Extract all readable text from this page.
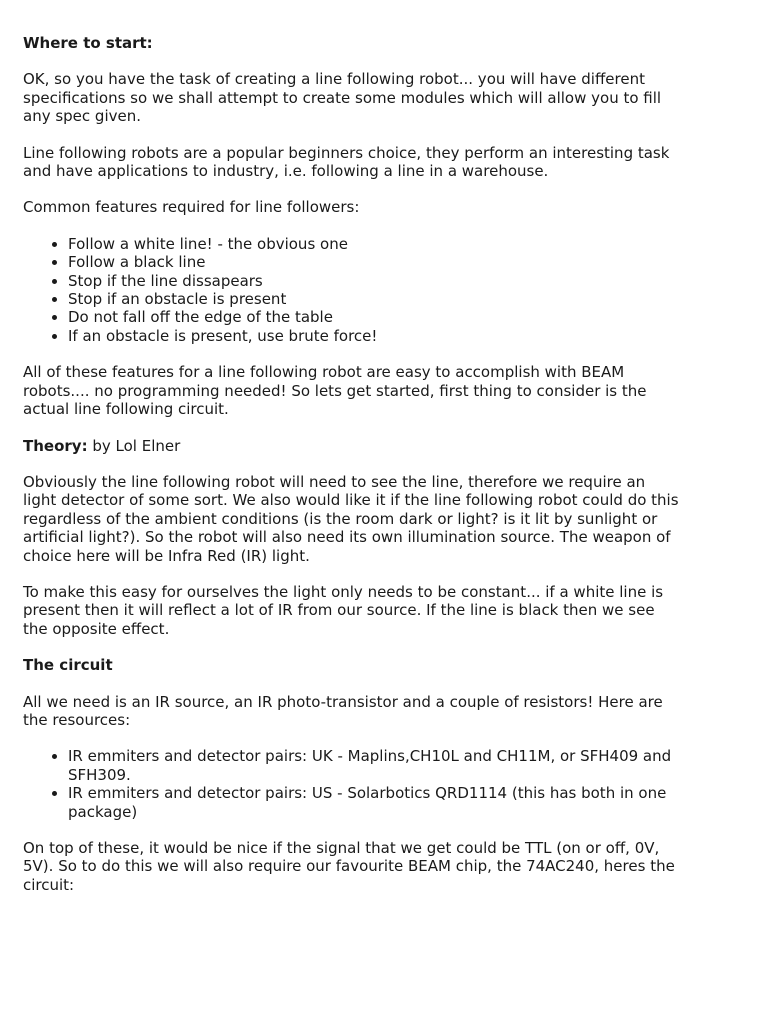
Where to start:

OK, so you have the task of creating a line following robot... you will have different specifications so we shall attempt to create some modules which will allow you to fill any spec given.

Line following robots are a popular beginners choice, they perform an interesting task and have applications to industry, i.e. following a line in a warehouse.

Common features required for line followers:

• Follow a white line! - the obvious one
• Follow a black line
• Stop if the line dissapears
• Stop if an obstacle is present
• Do not fall off the edge of the table
• If an obstacle is present, use brute force!

All of these features for a line following robot are easy to accomplish with BEAM robots.... no programming needed! So lets get started, first thing to consider is the actual line following circuit.

Theory: by Lol Elner

Obviously the line following robot will need to see the line, therefore we require an light detector of some sort. We also would like it if the line following robot could do this regardless of the ambient conditions (is the room dark or light? is it lit by sunlight or artificial light?). So the robot will also need its own illumination source. The weapon of choice here will be Infra Red (IR) light.

To make this easy for ourselves the light only needs to be constant... if a white line is present then it will reflect a lot of IR from our source. If the line is black then we see the opposite effect.

The circuit

All we need is an IR source, an IR photo-transistor and a couple of resistors! Here are the resources:

• IR emmiters and detector pairs: UK - Maplins,CH10L and CH11M, or SFH409 and SFH309.
• IR emmiters and detector pairs: US - Solarbotics QRD1114 (this has both in one package)

On top of these, it would be nice if the signal that we get could be TTL (on or off, 0V, 5V). So to do this we will also require our favourite BEAM chip, the 74AC240, heres the circuit:
